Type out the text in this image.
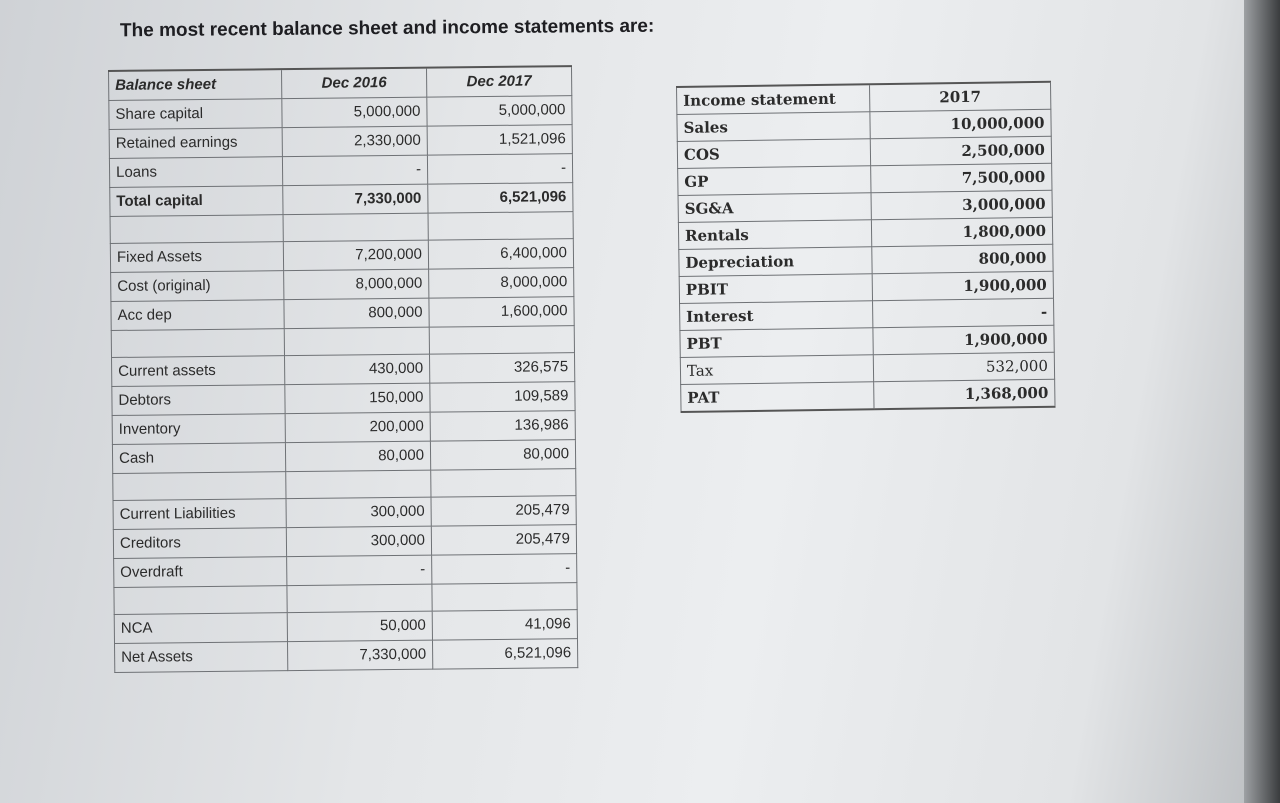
The most recent balance sheet and income statements are:
Balance sheet	Dec 2016	Dec 2017
Share capital	5,000,000	5,000,000
Retained earnings	2,330,000	1,521,096
Loans	-	-
Total capital	7,330,000	6,521,096

Fixed Assets	7,200,000	6,400,000
Cost (original)	8,000,000	8,000,000
Acc dep	800,000	1,600,000

Current assets	430,000	326,575
Debtors	150,000	109,589
Inventory	200,000	136,986
Cash	80,000	80,000

Current Liabilities	300,000	205,479
Creditors	300,000	205,479
Overdraft	-	-

NCA	50,000	41,096
Net Assets	7,330,000	6,521,096
Income statement	2017
Sales	10,000,000
COS	2,500,000
GP	7,500,000
SG&A	3,000,000
Rentals	1,800,000
Depreciation	800,000
PBIT	1,900,000
Interest	-
PBT	1,900,000
Tax	532,000
PAT	1,368,000
